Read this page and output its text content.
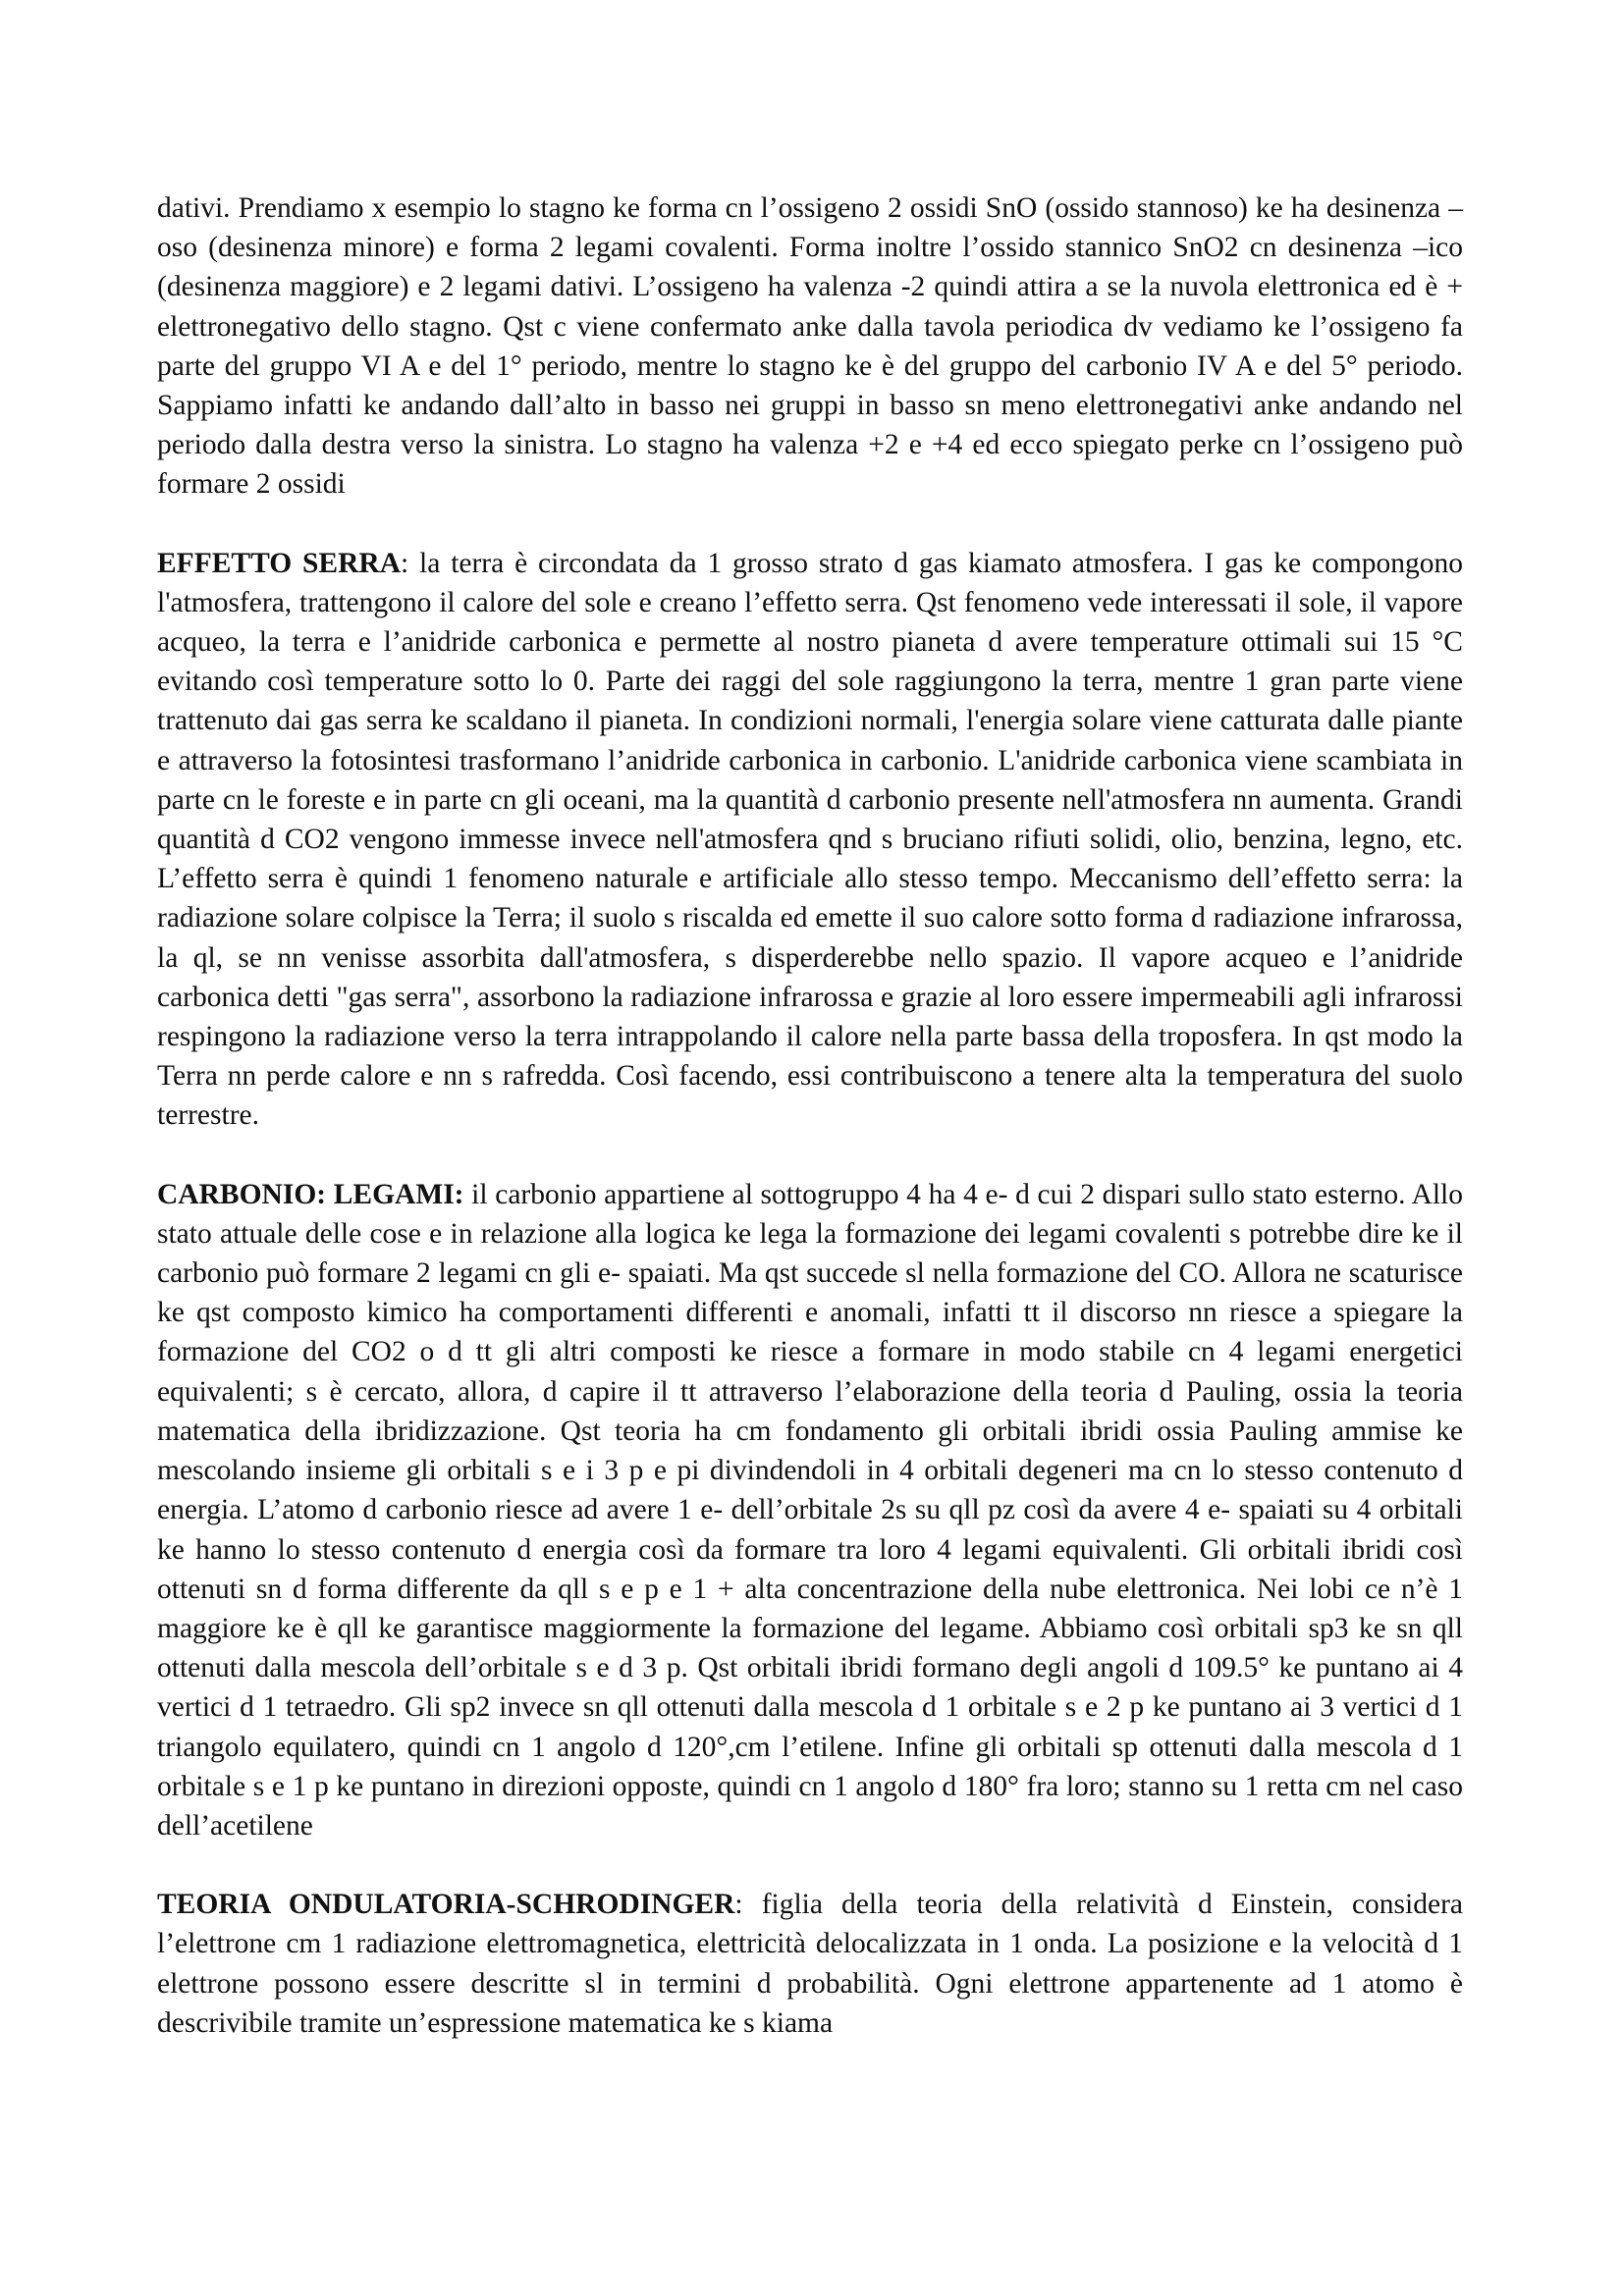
dativi. Prendiamo x esempio lo stagno ke forma cn l’ossigeno 2 ossidi SnO (ossido stannoso) ke ha desinenza –oso (desinenza minore) e forma 2 legami covalenti. Forma inoltre l’ossido stannico SnO2 cn desinenza –ico (desinenza maggiore) e 2 legami dativi. L’ossigeno ha valenza -2 quindi attira a se la nuvola elettronica ed è + elettronegativo dello stagno. Qst c viene confermato anke dalla tavola periodica dv vediamo ke l’ossigeno fa parte del gruppo VI A e del 1° periodo, mentre lo stagno ke è del gruppo del carbonio IV A e del 5° periodo. Sappiamo infatti ke andando dall’alto in basso nei gruppi in basso sn meno elettronegativi anke andando nel periodo dalla destra verso la sinistra. Lo stagno ha valenza +2 e +4 ed ecco spiegato perke cn l’ossigeno può formare 2 ossidi

EFFETTO SERRA: la terra è circondata da 1 grosso strato d gas kiamato atmosfera. I gas ke compongono l'atmosfera, trattengono il calore del sole e creano l’effetto serra. Qst fenomeno vede interessati il sole, il vapore acqueo, la terra e l’anidride carbonica e permette al nostro pianeta d avere temperature ottimali sui 15 °C evitando così temperature sotto lo 0. Parte dei raggi del sole raggiungono la terra, mentre 1 gran parte viene trattenuto dai gas serra ke scaldano il pianeta. In condizioni normali, l'energia solare viene catturata dalle piante e attraverso la fotosintesi trasformano l’anidride carbonica in carbonio. L'anidride carbonica viene scambiata in parte cn le foreste e in parte cn gli oceani, ma la quantità d carbonio presente nell'atmosfera nn aumenta. Grandi quantità d CO2 vengono immesse invece nell'atmosfera qnd s bruciano rifiuti solidi, olio, benzina, legno, etc. L’effetto serra è quindi 1 fenomeno naturale e artificiale allo stesso tempo. Meccanismo dell’effetto serra: la radiazione solare colpisce la Terra; il suolo s riscalda ed emette il suo calore sotto forma d radiazione infrarossa, la ql, se nn venisse assorbita dall'atmosfera, s disperderebbe nello spazio. Il vapore acqueo e l’anidride carbonica detti "gas serra", assorbono la radiazione infrarossa e grazie al loro essere impermeabili agli infrarossi respingono la radiazione verso la terra intrappolando il calore nella parte bassa della troposfera. In qst modo la Terra nn perde calore e nn s rafredda. Così facendo, essi contribuiscono a tenere alta la temperatura del suolo terrestre.

CARBONIO: LEGAMI: il carbonio appartiene al sottogruppo 4 ha 4 e- d cui 2 dispari sullo stato esterno. Allo stato attuale delle cose e in relazione alla logica ke lega la formazione dei legami covalenti s potrebbe dire ke il carbonio può formare 2 legami cn gli e- spaiati. Ma qst succede sl nella formazione del CO. Allora ne scaturisce ke qst composto kimico ha comportamenti differenti e anomali, infatti tt il discorso nn riesce a spiegare la formazione del CO2 o d tt gli altri composti ke riesce a formare in modo stabile cn 4 legami energetici equivalenti; s è cercato, allora, d capire il tt attraverso l’elaborazione della teoria d Pauling, ossia la teoria matematica della ibridizzazione. Qst teoria ha cm fondamento gli orbitali ibridi ossia Pauling ammise ke mescolando insieme gli orbitali s e i 3 p e pi divindendoli in 4 orbitali degeneri ma cn lo stesso contenuto d energia. L’atomo d carbonio riesce ad avere 1 e- dell’orbitale 2s su qll pz così da avere 4 e- spaiati su 4 orbitali ke hanno lo stesso contenuto d energia così da formare tra loro 4 legami equivalenti. Gli orbitali ibridi così ottenuti sn d forma differente da qll s e p e 1 + alta concentrazione della nube elettronica. Nei lobi ce n’è 1 maggiore ke è qll ke garantisce maggiormente la formazione del legame. Abbiamo così orbitali sp3 ke sn qll ottenuti dalla mescola dell’orbitale s e d 3 p. Qst orbitali ibridi formano degli angoli d 109.5° ke puntano ai 4 vertici d 1 tetraedro. Gli sp2 invece sn qll ottenuti dalla mescola d 1 orbitale s e 2 p ke puntano ai 3 vertici d 1 triangolo equilatero, quindi cn 1 angolo d 120°,cm l’etilene. Infine gli orbitali sp ottenuti dalla mescola d 1 orbitale s e 1 p ke puntano in direzioni opposte, quindi cn 1 angolo d 180° fra loro; stanno su 1 retta cm nel caso dell’acetilene

TEORIA ONDULATORIA-SCHRODINGER: figlia della teoria della relatività d Einstein, considera l’elettrone cm 1 radiazione elettromagnetica, elettricità delocalizzata in 1 onda. La posizione e la velocità d 1 elettrone possono essere descritte sl in termini d probabilità. Ogni elettrone appartenente ad 1 atomo è descrivibile tramite un’espressione matematica ke s kiama
